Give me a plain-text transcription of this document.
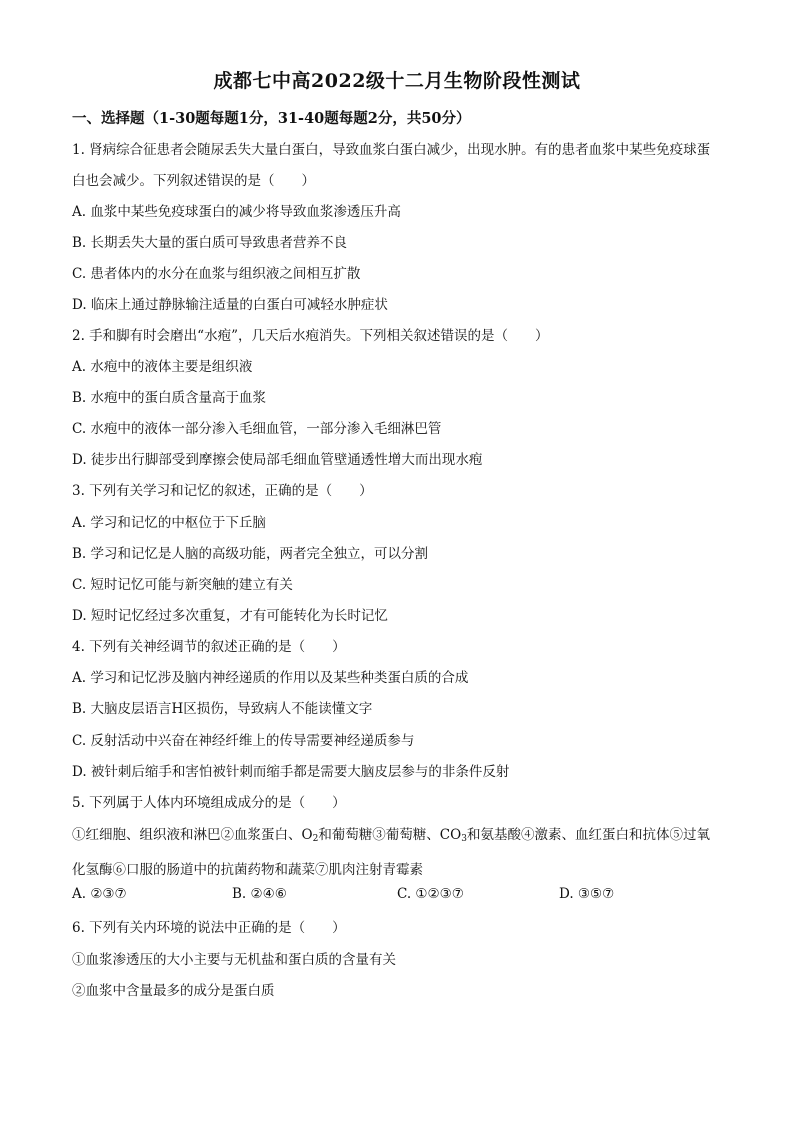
成都七中高2022级十二月生物阶段性测试
一、选择题（1-30题每题1分，31-40题每题2分，共50分）
1. 肾病综合征患者会随尿丢失大量白蛋白，导致血浆白蛋白减少，出现水肿。有的患者血浆中某些免疫球蛋白也会减少。下列叙述错误的是（　　）
A. 血浆中某些免疫球蛋白的减少将导致血浆渗透压升高
B. 长期丢失大量的蛋白质可导致患者营养不良
C. 患者体内的水分在血浆与组织液之间相互扩散
D. 临床上通过静脉输注适量的白蛋白可减轻水肿症状
2. 手和脚有时会磨出“水疱”，几天后水疱消失。下列相关叙述错误的是（　　）
A. 水疱中的液体主要是组织液
B. 水疱中的蛋白质含量高于血浆
C. 水疱中的液体一部分渗入毛细血管，一部分渗入毛细淋巴管
D. 徒步出行脚部受到摩擦会使局部毛细血管壁通透性增大而出现水疱
3. 下列有关学习和记忆的叙述，正确的是（　　）
A. 学习和记忆的中枢位于下丘脑
B. 学习和记忆是人脑的高级功能，两者完全独立，可以分割
C. 短时记忆可能与新突触的建立有关
D. 短时记忆经过多次重复，才有可能转化为长时记忆
4. 下列有关神经调节的叙述正确的是（　　）
A. 学习和记忆涉及脑内神经递质的作用以及某些种类蛋白质的合成
B. 大脑皮层语言H区损伤，导致病人不能读懂文字
C. 反射活动中兴奋在神经纤维上的传导需要神经递质参与
D. 被针刺后缩手和害怕被针刺而缩手都是需要大脑皮层参与的非条件反射
5. 下列属于人体内环境组成成分的是（　　）
①红细胞、组织液和淋巴②血浆蛋白、$O_2$和葡萄糖③葡萄糖、$CO_3$和氨基酸④激素、血红蛋白和抗体⑤过氧化氢酶⑥口服的肠道中的抗菌药物和蔬菜⑦肌肉注射青霉素
A. ②③⑦	B. ②④⑥	C. ①②③⑦	D. ③⑤⑦
6. 下列有关内环境的说法中正确的是（　　）
①血浆渗透压的大小主要与无机盐和蛋白质的含量有关
②血浆中含量最多的成分是蛋白质
